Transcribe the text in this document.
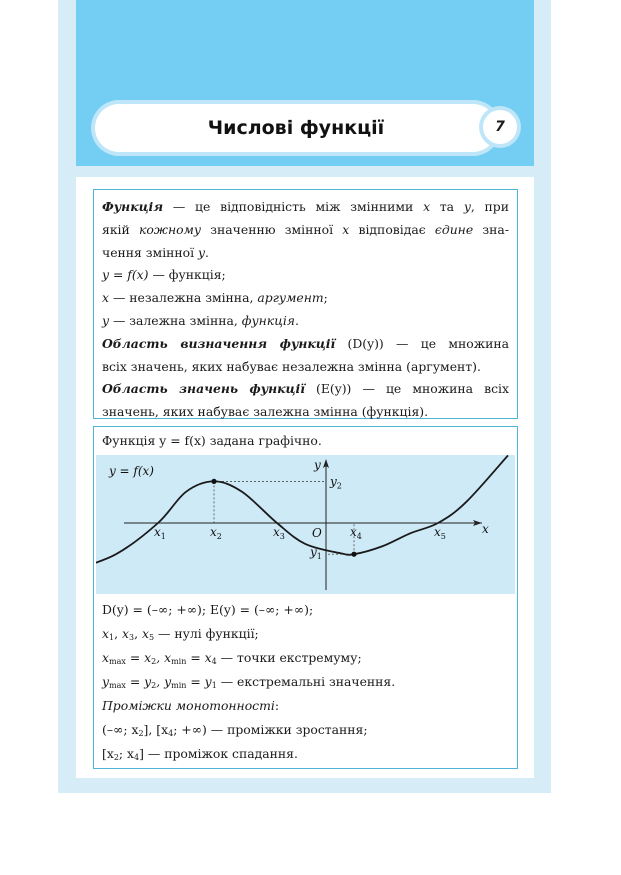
Числові функції	7
Функція — це відповідність між змінними x та y, при
якій кожному значенню змінної x відповідає єдине зна-
чення змінної y.
y = f(x) — функція;
x — незалежна змінна, аргумент;
y — залежна змінна, функція.
Область визначення функції (D(y)) — це множина
всіх значень, яких набуває незалежна змінна (аргумент).
Область значень функції (E(y)) — це множина всіх
значень, яких набуває залежна змінна (функція).
Функція y = f(x) задана графічно.
x
y
O
$x_1$	$x_2$	$x_3$	$x_4$	$x_5$
$y_2$
$y_1$
y = f(x)
D(y) = (–∞; +∞); E(y) = (–∞; +∞);
$x_1$, $x_3$, $x_5$ — нулі функції;
$x_{max} = x_2$, $x_{min} = x_4$ — точки екстремуму;
$y_{max} = y_2$, $y_{min} = y_1$ — екстремальні значення.
Проміжки монотонності:
(–∞; $x_2$], [$x_4$; +∞) — проміжки зростання;
[$x_2$; $x_4$] — проміжок спадання.
